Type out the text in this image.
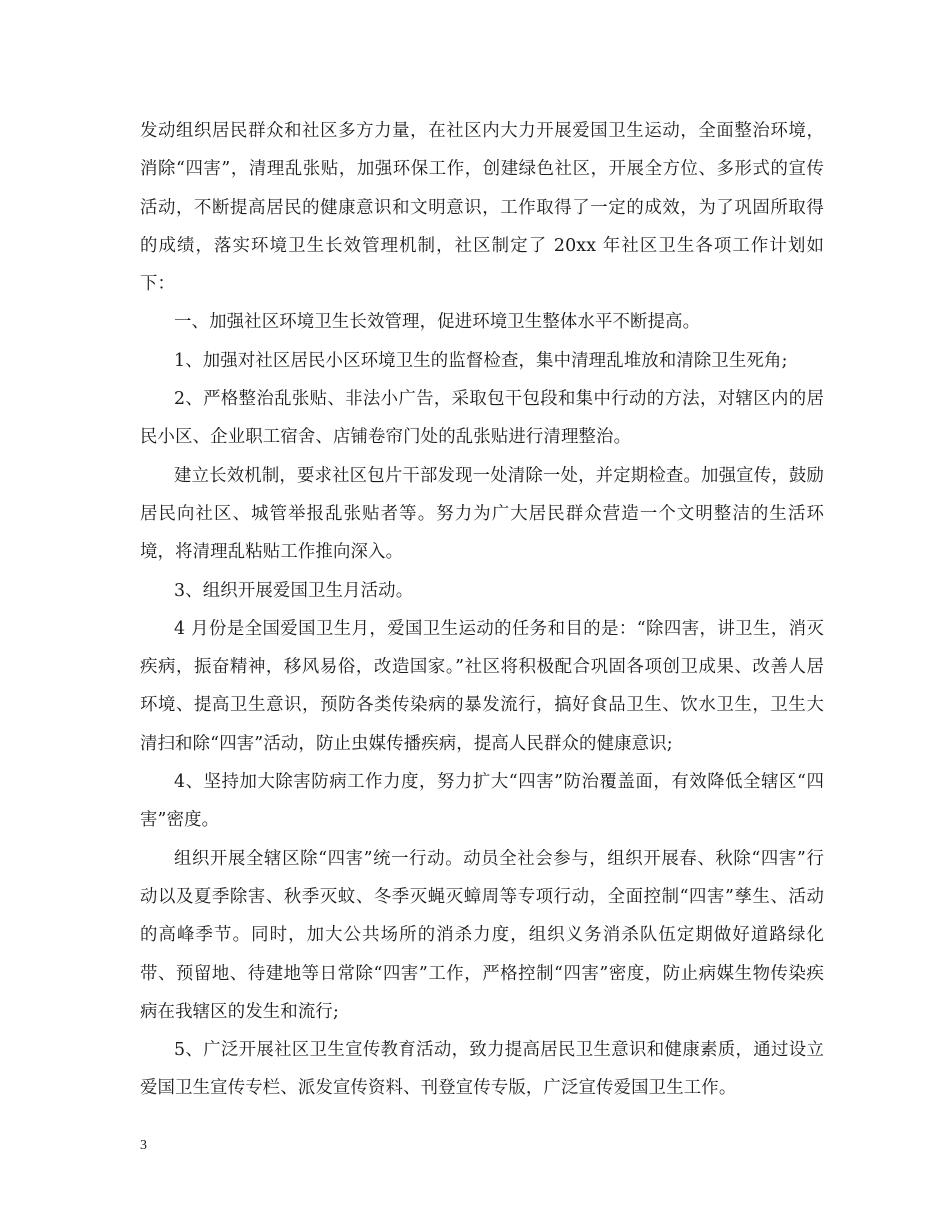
发动组织居民群众和社区多方力量，在社区内大力开展爱国卫生运动，全面整治环境，消除“四害”，清理乱张贴，加强环保工作，创建绿色社区，开展全方位、多形式的宣传活动，不断提高居民的健康意识和文明意识，工作取得了一定的成效，为了巩固所取得的成绩，落实环境卫生长效管理机制，社区制定了 20xx 年社区卫生各项工作计划如下：

一、加强社区环境卫生长效管理，促进环境卫生整体水平不断提高。

1、加强对社区居民小区环境卫生的监督检查，集中清理乱堆放和清除卫生死角;

2、严格整治乱张贴、非法小广告，采取包干包段和集中行动的方法，对辖区内的居民小区、企业职工宿舍、店铺卷帘门处的乱张贴进行清理整治。

建立长效机制，要求社区包片干部发现一处清除一处，并定期检查。加强宣传，鼓励居民向社区、城管举报乱张贴者等。努力为广大居民群众营造一个文明整洁的生活环境，将清理乱粘贴工作推向深入。

3、组织开展爱国卫生月活动。

4 月份是全国爱国卫生月，爱国卫生运动的任务和目的是：“除四害，讲卫生，消灭疾病，振奋精神，移风易俗，改造国家。”社区将积极配合巩固各项创卫成果、改善人居环境、提高卫生意识，预防各类传染病的暴发流行，搞好食品卫生、饮水卫生，卫生大清扫和除“四害”活动，防止虫媒传播疾病，提高人民群众的健康意识;

4、坚持加大除害防病工作力度，努力扩大“四害”防治覆盖面，有效降低全辖区“四害”密度。

组织开展全辖区除“四害”统一行动。动员全社会参与，组织开展春、秋除“四害”行动以及夏季除害、秋季灭蚊、冬季灭蝇灭蟑周等专项行动，全面控制“四害”孳生、活动的高峰季节。同时，加大公共场所的消杀力度，组织义务消杀队伍定期做好道路绿化带、预留地、待建地等日常除“四害”工作，严格控制“四害”密度，防止病媒生物传染疾病在我辖区的发生和流行;

5、广泛开展社区卫生宣传教育活动，致力提高居民卫生意识和健康素质，通过设立爱国卫生宣传专栏、派发宣传资料、刊登宣传专版，广泛宣传爱国卫生工作。

3
